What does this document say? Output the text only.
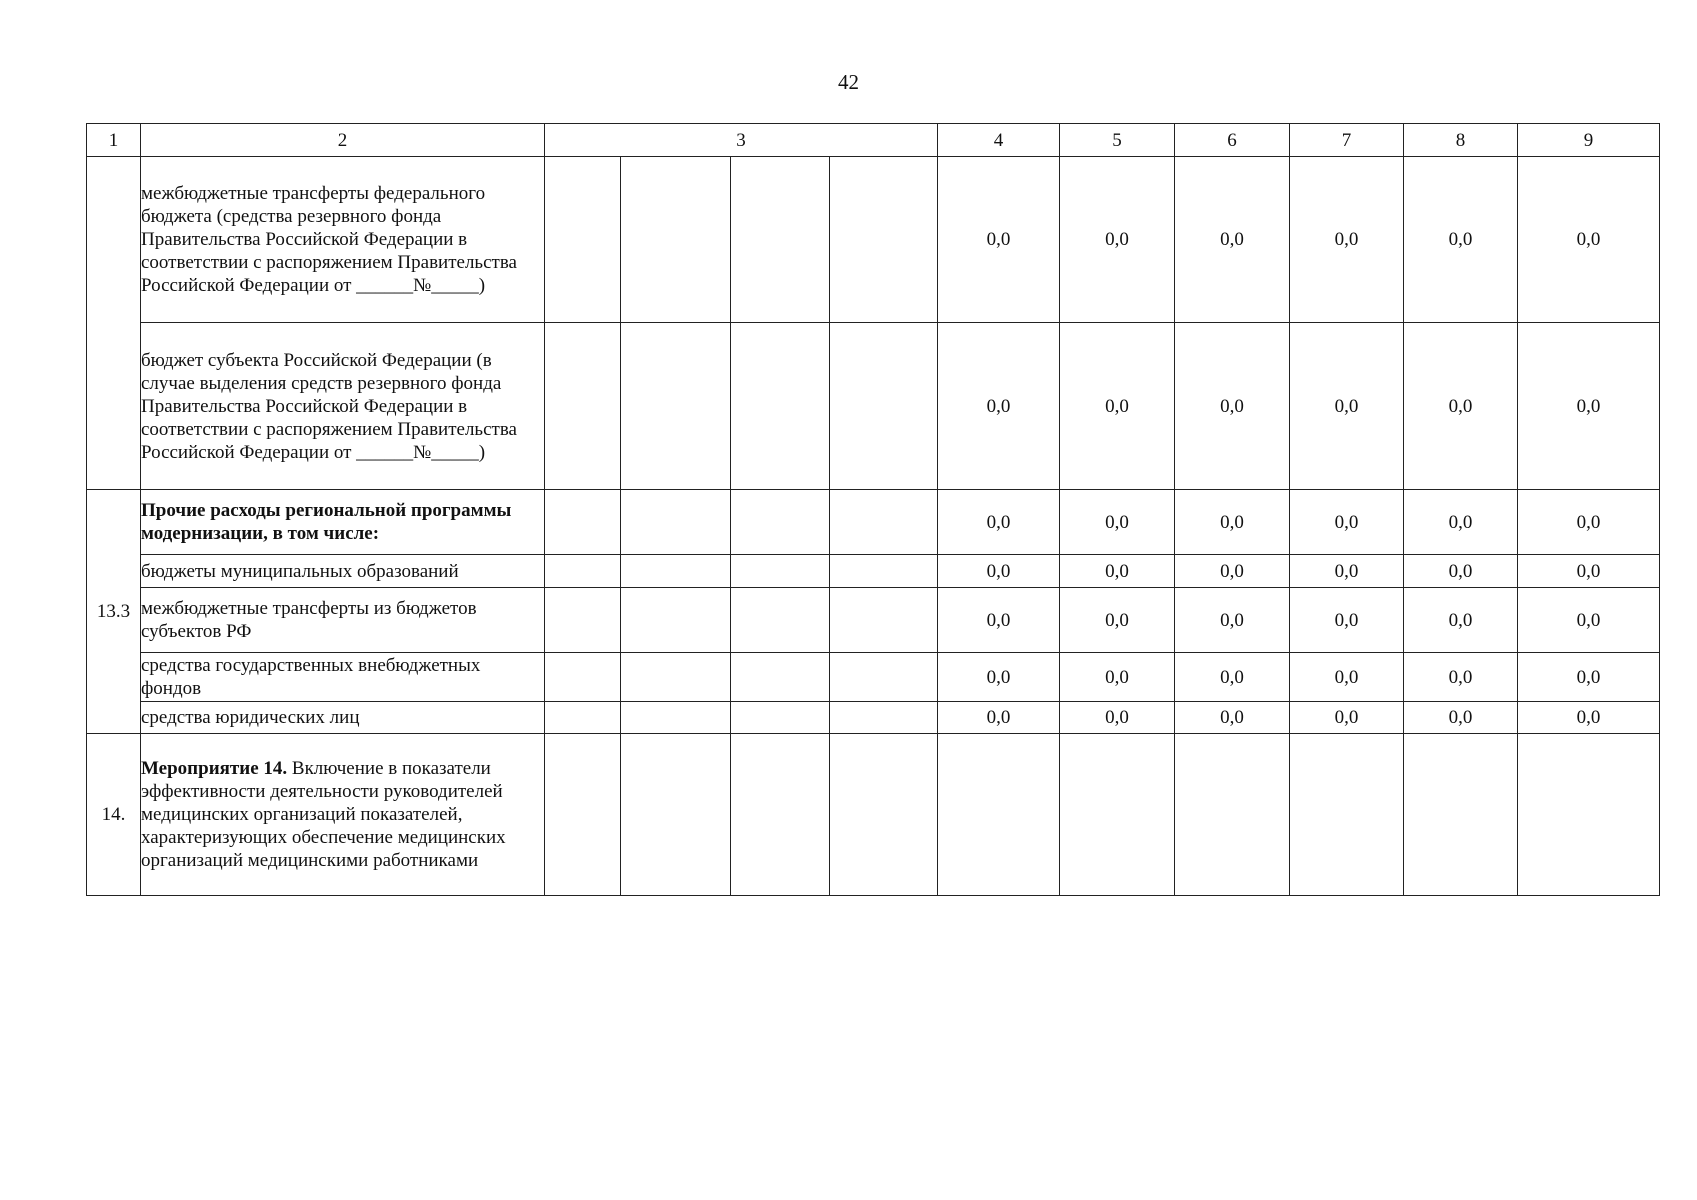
42
1	2	3				4	5	6	7	8	9
	межбюджетные трансферты федерального бюджета (средства резервного фонда Правительства Российской Федерации в соответствии с распоряжением Правительства Российской Федерации от ______№_____)					0,0	0,0	0,0	0,0	0,0	0,0
	бюджет субъекта Российской Федерации (в случае выделения средств резервного фонда Правительства Российской Федерации в соответствии с распоряжением Правительства Российской Федерации от ______№_____)					0,0	0,0	0,0	0,0	0,0	0,0
13.3	Прочие расходы региональной программы модернизации, в том числе:					0,0	0,0	0,0	0,0	0,0	0,0
	бюджеты муниципальных образований					0,0	0,0	0,0	0,0	0,0	0,0
	межбюджетные трансферты из бюджетов субъектов РФ					0,0	0,0	0,0	0,0	0,0	0,0
	средства государственных внебюджетных фондов					0,0	0,0	0,0	0,0	0,0	0,0
	средства юридических лиц					0,0	0,0	0,0	0,0	0,0	0,0
14.	Мероприятие 14. Включение в показатели эффективности деятельности руководителей медицинских организаций показателей, характеризующих обеспечение медицинских организаций медицинскими работниками										
